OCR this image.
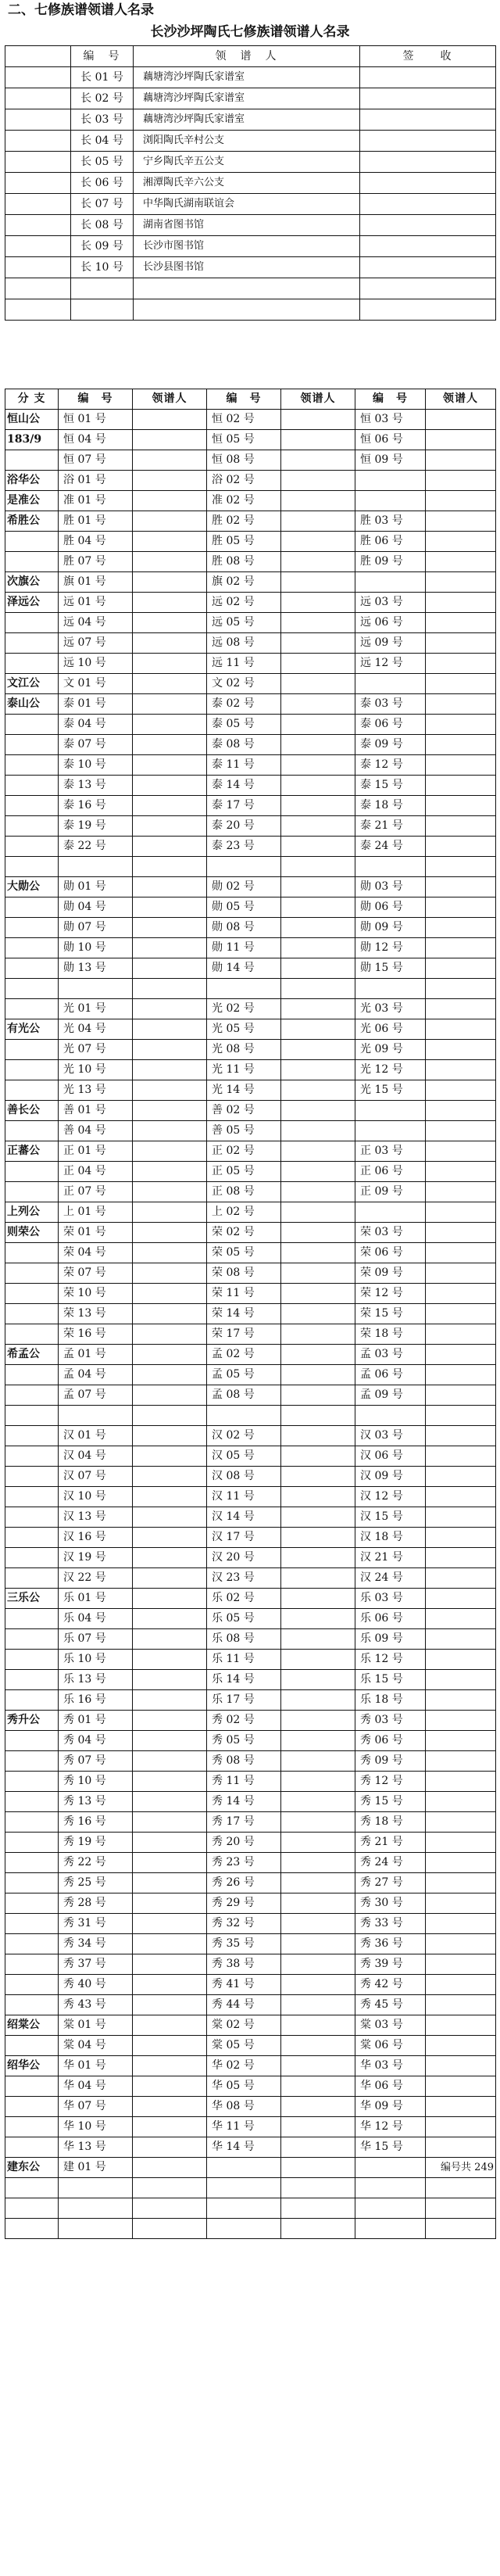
二、七修族谱领谱人名录
长沙沙坪陶氏七修族谱领谱人名录
	编　号	领　谱　人	签　　收
	长 01 号	藕塘湾沙坪陶氏家谱室	
	长 02 号	藕塘湾沙坪陶氏家谱室	
	长 03 号	藕塘湾沙坪陶氏家谱室	
	长 04 号	浏阳陶氏辛村公支	
	长 05 号	宁乡陶氏辛五公支	
	长 06 号	湘潭陶氏辛六公支	
	长 07 号	中华陶氏湖南联谊会	
	长 08 号	湖南省图书馆	
	长 09 号	长沙市图书馆	
	长 10 号	长沙县图书馆	

分 支	编　号	领谱人	编　号	领谱人	编　号	领谱人
恒山公	恒 01 号		恒 02 号		恒 03 号	
183/9	恒 04 号		恒 05 号		恒 06 号	
	恒 07 号		恒 08 号		恒 09 号	
浴华公	浴 01 号		浴 02 号			
是准公	准 01 号		准 02 号			
希胜公	胜 01 号		胜 02 号		胜 03 号	
	胜 04 号		胜 05 号		胜 06 号	
	胜 07 号		胜 08 号		胜 09 号	
次旗公	旗 01 号		旗 02 号			
泽远公	远 01 号		远 02 号		远 03 号	
	远 04 号		远 05 号		远 06 号	
	远 07 号		远 08 号		远 09 号	
	远 10 号		远 11 号		远 12 号	
文江公	文 01 号		文 02 号			
泰山公	泰 01 号		泰 02 号		泰 03 号	
	泰 04 号		泰 05 号		泰 06 号	
	泰 07 号		泰 08 号		泰 09 号	
	泰 10 号		泰 11 号		泰 12 号	
	泰 13 号		泰 14 号		泰 15 号	
	泰 16 号		泰 17 号		泰 18 号	
	泰 19 号		泰 20 号		泰 21 号	
	泰 22 号		泰 23 号		泰 24 号	

大勋公	勋 01 号		勋 02 号		勋 03 号	
	勋 04 号		勋 05 号		勋 06 号	
	勋 07 号		勋 08 号		勋 09 号	
	勋 10 号		勋 11 号		勋 12 号	
	勋 13 号		勋 14 号		勋 15 号	

	光 01 号		光 02 号		光 03 号	
有光公	光 04 号		光 05 号		光 06 号	
	光 07 号		光 08 号		光 09 号	
	光 10 号		光 11 号		光 12 号	
	光 13 号		光 14 号		光 15 号	
善长公	善 01 号		善 02 号			
	善 04 号		善 05 号			
正蕃公	正 01 号		正 02 号		正 03 号	
	正 04 号		正 05 号		正 06 号	
	正 07 号		正 08 号		正 09 号	
上列公	上 01 号		上 02 号			
则荣公	荣 01 号		荣 02 号		荣 03 号	
	荣 04 号		荣 05 号		荣 06 号	
	荣 07 号		荣 08 号		荣 09 号	
	荣 10 号		荣 11 号		荣 12 号	
	荣 13 号		荣 14 号		荣 15 号	
	荣 16 号		荣 17 号		荣 18 号	
希孟公	孟 01 号		孟 02 号		孟 03 号	
	孟 04 号		孟 05 号		孟 06 号	
	孟 07 号		孟 08 号		孟 09 号	

	汉 01 号		汉 02 号		汉 03 号	
	汉 04 号		汉 05 号		汉 06 号	
	汉 07 号		汉 08 号		汉 09 号	
	汉 10 号		汉 11 号		汉 12 号	
	汉 13 号		汉 14 号		汉 15 号	
	汉 16 号		汉 17 号		汉 18 号	
	汉 19 号		汉 20 号		汉 21 号	
	汉 22 号		汉 23 号		汉 24 号	
三乐公	乐 01 号		乐 02 号		乐 03 号	
	乐 04 号		乐 05 号		乐 06 号	
	乐 07 号		乐 08 号		乐 09 号	
	乐 10 号		乐 11 号		乐 12 号	
	乐 13 号		乐 14 号		乐 15 号	
	乐 16 号		乐 17 号		乐 18 号	
秀升公	秀 01 号		秀 02 号		秀 03 号	
	秀 04 号		秀 05 号		秀 06 号	
	秀 07 号		秀 08 号		秀 09 号	
	秀 10 号		秀 11 号		秀 12 号	
	秀 13 号		秀 14 号		秀 15 号	
	秀 16 号		秀 17 号		秀 18 号	
	秀 19 号		秀 20 号		秀 21 号	
	秀 22 号		秀 23 号		秀 24 号	
	秀 25 号		秀 26 号		秀 27 号	
	秀 28 号		秀 29 号		秀 30 号	
	秀 31 号		秀 32 号		秀 33 号	
	秀 34 号		秀 35 号		秀 36 号	
	秀 37 号		秀 38 号		秀 39 号	
	秀 40 号		秀 41 号		秀 42 号	
	秀 43 号		秀 44 号		秀 45 号	
绍棠公	棠 01 号		棠 02 号		棠 03 号	
	棠 04 号		棠 05 号		棠 06 号	
绍华公	华 01 号		华 02 号		华 03 号	
	华 04 号		华 05 号		华 06 号	
	华 07 号		华 08 号		华 09 号	
	华 10 号		华 11 号		华 12 号	
	华 13 号		华 14 号		华 15 号	
建东公	建 01 号					编号共 249
